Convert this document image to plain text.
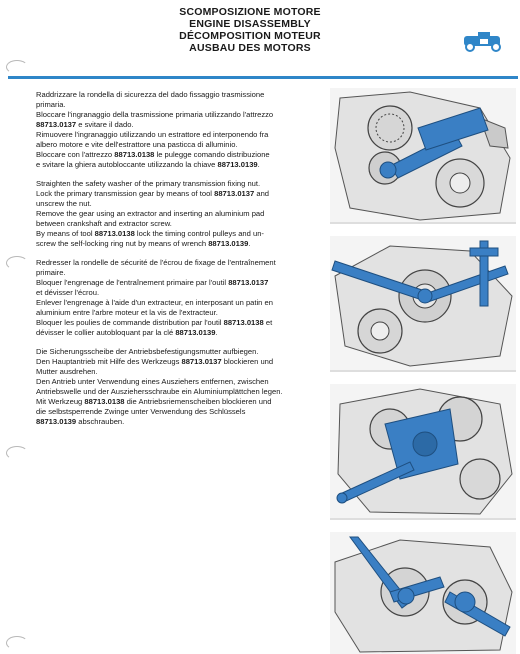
SCOMPOSIZIONE MOTORE
ENGINE DISASSEMBLY
DÉCOMPOSITION MOTEUR
AUSBAU DES MOTORS
Raddrizzare la rondella di sicurezza del dado fissaggio trasmissione
primaria.
Bloccare l'ingranaggio della trasmissione primaria utilizzando l'attrezzo
88713.0137 e svitare il dado.
Rimuovere l'ingranaggio utilizzando un estrattore ed interponendo fra
albero motore e vite dell'estrattore una pasticca di alluminio.
Bloccare con l'attrezzo 88713.0138 le pulegge comando distribuzione
e svitare la ghiera autobloccante utilizzando la chiave 88713.0139.
Straighten the safety washer of the primary transmission fixing nut.
Lock the primary transmission gear by means of tool 88713.0137 and
unscrew the nut.
Remove the gear using an extractor and inserting an aluminium pad
between crankshaft and extractor screw.
By means of tool 88713.0138 lock the timing control pulleys and un-
screw the self-locking ring nut by means of wrench 88713.0139.
Redresser la rondelle de sécurité de l'écrou de fixage de l'entraînement
primaire.
Bloquer l'engrenage de l'entraînement primaire par l'outil 88713.0137
et dévisser l'écrou.
Enlever l'engrenage à l'aide d'un extracteur, en interposant un patin en
aluminium entre l'arbre moteur et la vis de l'extracteur.
Bloquer les poulies de commande distribution par l'outil 88713.0138 et
dévisser le collier autobloquant par la clé 88713.0139.
Die Sicherungsscheibe der Antriebsbefestigungsmutter aufbiegen.
Den Hauptantrieb mit Hilfe des Werkzeugs 88713.0137 blockieren und
Mutter ausdrehen.
Den Antrieb unter Verwendung eines Ausziehers entfernen, zwischen
Antriebswelle und der Ausziehersschraube ein Aluminiumplättchen legen.
Mit Werkzeug 88713.0138 die Antriebsriemenscheiben blockieren und
die selbstsperrende Zwinge unter Verwendung des Schlüssels
88713.0139 abschrauben.
